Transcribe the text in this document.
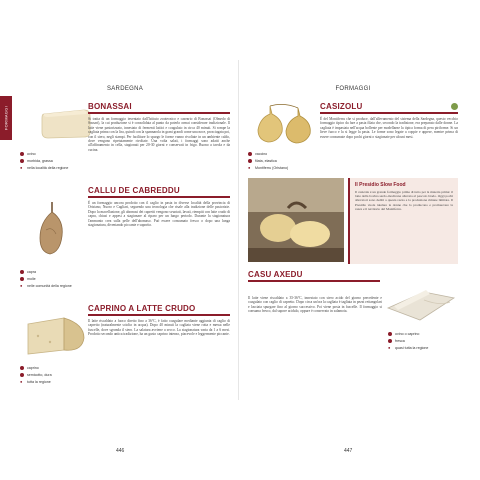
FORMAGGI
SARDEGNA
ovino
morbida, grassa
●	nella località della regione
BONASSAI

Si tratta di un formaggio inventato dall'Istituto zootecnico e caseario di Bonassai (Olmedo di Sassari), la cui produzione si è consolidata al punto da poterlo ormai considerare tradizionale. Il latte viene pastorizzato, innestato di fermenti lattici e coagulato in circa 40 minuti. Si rompe la cagliata prima con la lira, quindi con la spannarola in grani grandi come una noce, prosciugata poi, con il siero, negli stampi. Per facilitare lo spurgo le forme vanno rivoltate in un ambiente caldo, dove vengono ripetutamente rivoltate. Una volta salati, i formaggi sono adatti anche all'affinamento in cella, stagionati per 20-30 giorni e conservati in frigo. Buono a tavola e da cucina.

capra
molle
●	nelle comunità della regione
CALLU DE CABREDDU

È un formaggio ancora prodotto con il caglio in pasta in diverse località della provincia di Oristano, Nuoro e Cagliari, seguendo una tecnologia che risale alla tradizione delle pastorizie. Dopo la macellazione, gli abomasi dei capretti vengono svuotati, lavati, riempiti con latte crudo di capra, chiusi e appesi a stagionare al riparo per un lungo periodo. Durante la stagionatura l'ammonio crea sulla pelle dell'abomaso. Può essere consumato fresco o dopo una lunga stagionatura, diventando piccante e saporito.

caprino
semicotto, dura
●	tutta la regione
CAPRINO A LATTE CRUDO

Il latte riscaldato a fuoco diretto fino a 36°C, è fatto coagulare mediante aggiunta di caglio di capretto (naturalmente sciolto in acqua). Dopo 40 minuti la cagliata viene rotta e messa nelle fuscelle, dove sgronda il siero. La salatura avviene a secco. La stagionatura varia da 1 a 6 mesi. Prodotto secondo antica tradizione, ha un gusto caprino intenso, piacevole e leggermente piccante.

446
FORMAGGI
vaccino
filata, elastica
●	Montiferru (Oristano)
CASIZOLU

È del Montiferru che si produce, dall'allevamento del sistema della Sardegna, questo vecchio formaggio tipico da fare a pasta filata che, secondo la tradizione, era preparato dalle donne. La cagliata è impastata nell'acqua bollente per modellarne la tipica forma di pera piriforme. Si un lieve fuoco e la si legge la pasta. Le forme sono legate a coppie e appese, mentre prima di essere consumate dopo pochi giorni o stagionate per alcuni mesi.

Il Presidio Slow Food

Il casizolu è un grande formaggio prima di tutto per la materia prima: il latte della bovina sardo-modicana allevata al pascolo brado. Oggi pochi allevatori sono dediti a questa razza e la produzione rimane limitata. Il Presidio vuole tutelare le donne che lo producono e promuovere la razza e il territorio del Montiferru.

CASU AXEDU
ovino o caprino
fresca
●	quasi tutta la regione

Il latte viene riscaldato a 35-36°C, innestato con siero acido del giorno precedente e coagulato con caglio di capretto. Dopo circa un'ora la cagliata è tagliata in pezzi rettangolari e lasciata spurgare fino al giorno successivo. Poi viene posta in fuscelle. Il formaggio si consuma fresco, dal sapore acidulo, oppure è conservato in salamoia.

447
